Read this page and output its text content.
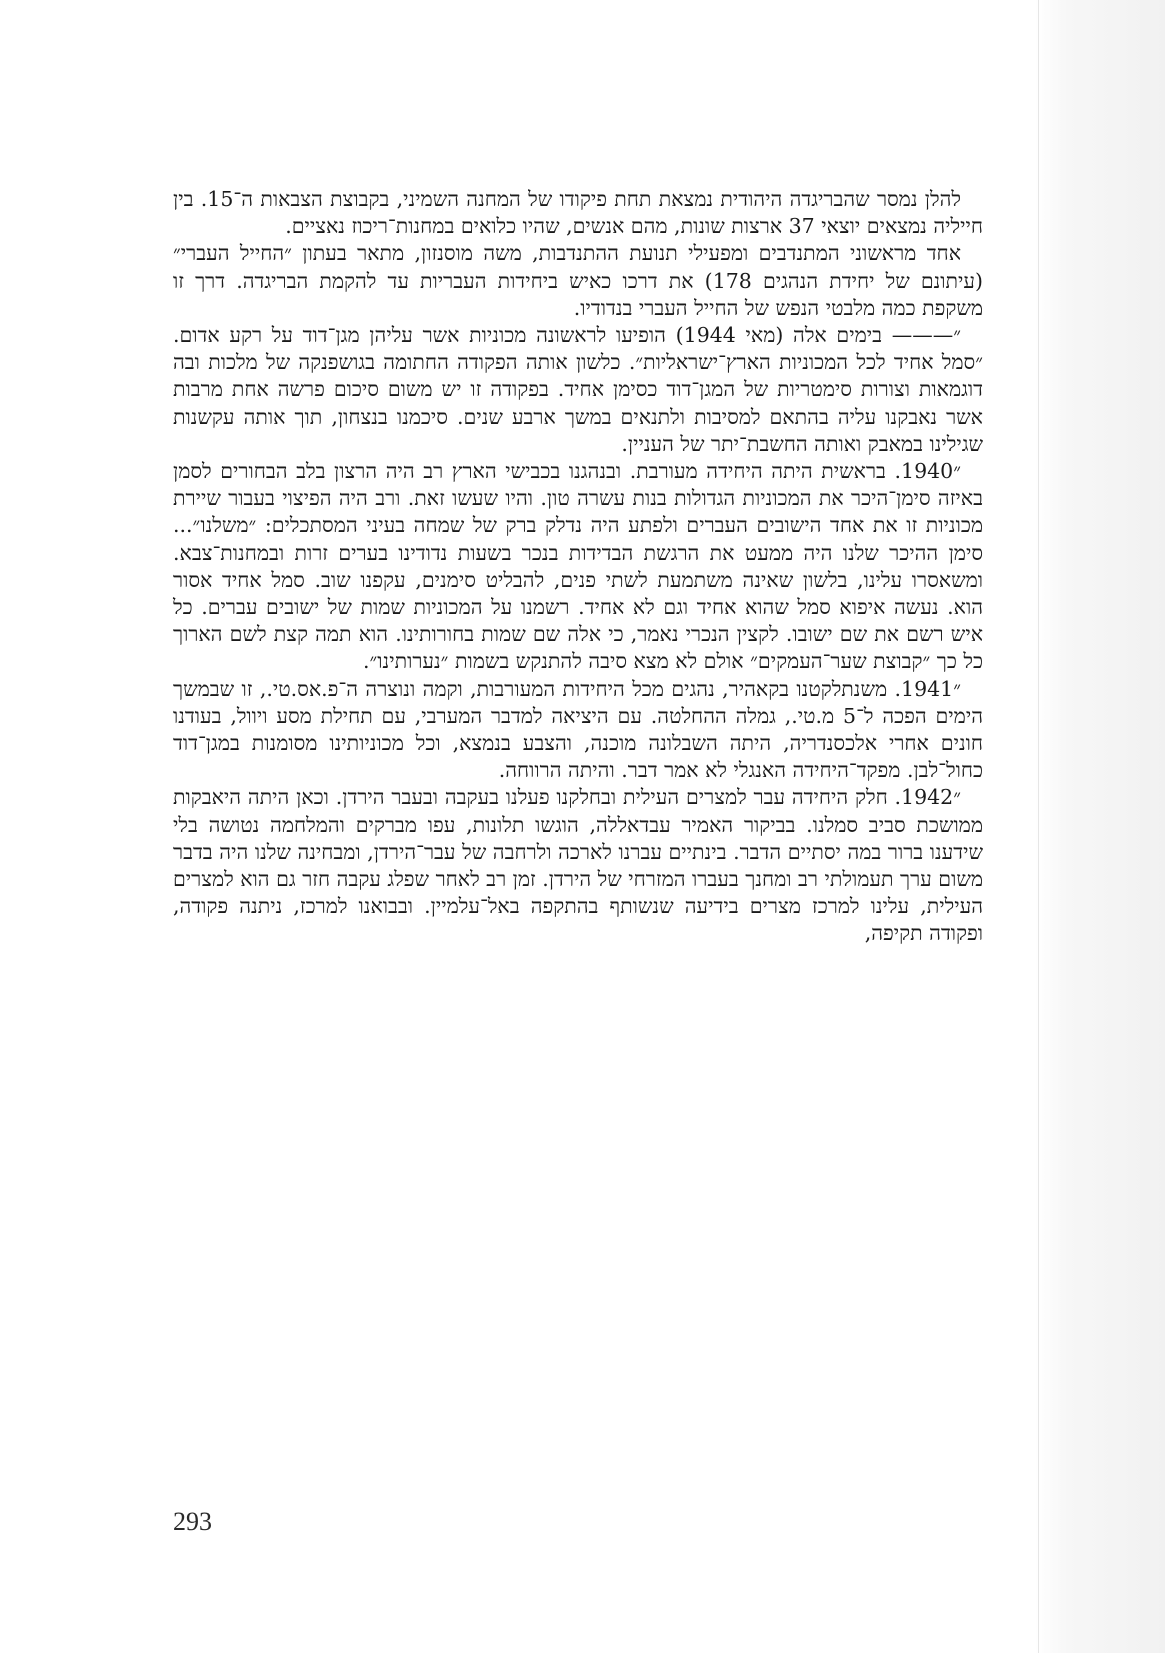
להלן נמסר שהבריגדה היהודית נמצאת תחת פיקודו של המחנה השמיני, בקבוצת הצבאות ה־15. בין חייליה נמצאים יוצאי 37 ארצות שונות, מהם אנשים, שהיו כלואים במחנות־ריכוז נאציים.

אחד מראשוני המתנדבים ומפעילי תנועת ההתנדבות, משה מוסנזון, מתאר בעתון ״החייל העברי״ (עיתונם של יחידת הנהגים 178) את דרכו כאיש ביחידות העבריות עד להקמת הבריגדה. דרך זו משקפת כמה מלבטי הנפש של החייל העברי בנדודיו.

״——— בימים אלה (מאי 1944) הופיעו לראשונה מכוניות אשר עליהן מגן־דוד על רקע אדום. ״סמל אחיד לכל המכוניות הארץ־ישראליות״. כלשון אותה הפקודה החתומה בגושפנקה של מלכות ובה דוגמאות וצורות סימטריות של המגן־דוד כסימן אחיד. בפקודה זו יש משום סיכום פרשה אחת מרבות אשר נאבקנו עליה בהתאם למסיבות ולתנאים במשך ארבע שנים. סיכמנו בנצחון, תוך אותה עקשנות שגילינו במאבק ואותה החשבת־יתר של העניין.

״1940. בראשית היתה היחידה מעורבת. ובנהגנו בכבישי הארץ רב היה הרצון בלב הבחורים לסמן באיזה סימן־היכר את המכוניות הגדולות בנות עשרה טון. והיו שעשו זאת. ורב היה הפיצוי בעבור שיירת מכוניות זו את אחד הישובים העברים ולפתע היה נדלק ברק של שמחה בעיני המסתכלים: ״משלנו״... סימן ההיכר שלנו היה ממעט את הרגשת הבדידות בנכר בשעות נדודינו בערים זרות ובמחנות־צבא. ומשאסרו עלינו, בלשון שאינה משתמעת לשתי פנים, להבליט סימנים, עקפנו שוב. סמל אחיד אסור הוא. נעשה איפוא סמל שהוא אחיד וגם לא אחיד. רשמנו על המכוניות שמות של ישובים עברים. כל איש רשם את שם ישובו. לקצין הנכרי נאמר, כי אלה שם שמות בחורותינו. הוא תמה קצת לשם הארוך כל כך ״קבוצת שער־העמקים״ אולם לא מצא סיבה להתנקש בשמות ״נערותינו״.

״1941. משנתלקטנו בקאהיר, נהגים מכל היחידות המעורבות, וקמה ונוצרה ה־פ.אס.טי., זו שבמשך הימים הפכה ל־5 מ.טי., גמלה ההחלטה. עם היציאה למדבר המערבי, עם תחילת מסע ויוול, בעודנו חונים אחרי אלכסנדריה, היתה השבלונה מוכנה, והצבע בנמצא, וכל מכוניותינו מסומנות במגן־דוד כחול־לבן. מפקד־היחידה האנגלי לא אמר דבר. והיתה הרווחה.

״1942. חלק היחידה עבר למצרים העילית ובחלקנו פעלנו בעקבה ובעבר הירדן. וכאן היתה היאבקות ממושכת סביב סמלנו. בביקור האמיר עבדאללה, הוגשו תלונות, עפו מברקים והמלחמה נטושה בלי שידענו ברור במה יסתיים הדבר. בינתיים עברנו לארכה ולרחבה של עבר־הירדן, ומבחינה שלנו היה בדבר משום ערך תעמולתי רב ומחנך בעברו המזרחי של הירדן. זמן רב לאחר שפלג עקבה חזר גם הוא למצרים העילית, עלינו למרכז מצרים בידיעה שנשותף בהתקפה באל־עלמיין. ובבואנו למרכז, ניתנה פקודה, ופקודה תקיפה,

293
